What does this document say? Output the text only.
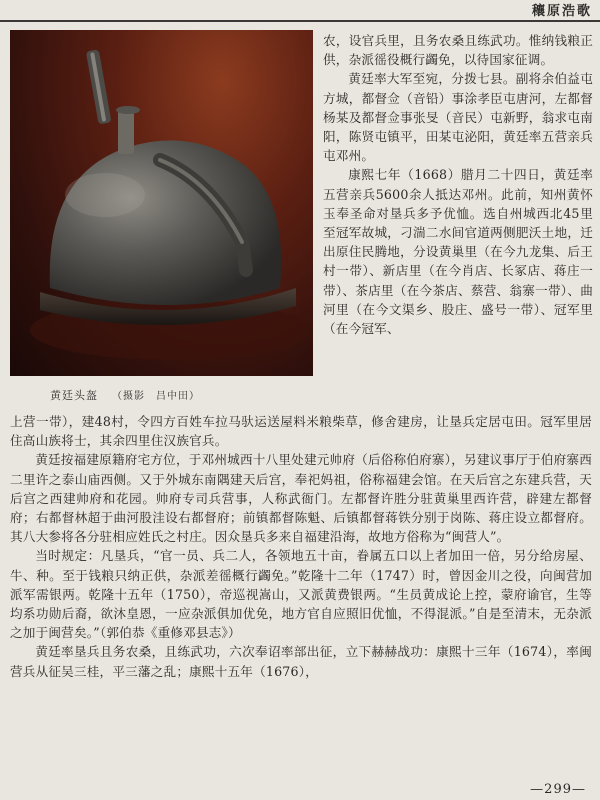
穰原浩歌
黄廷头盔 （摄影　吕中田）

农，设官兵里，且务农桑且练武功。惟纳钱粮正供，杂派徭役概行蠲免，以待国家征调。

黄廷率大军至宛，分拨七县。副将余伯益屯方城，都督佥（音铅）事涂孝臣屯唐河，左都督杨某及都督佥事张旻（音民）屯新野，翁求屯南阳，陈贤屯镇平，田某屯泌阳，黄廷率五营亲兵屯邓州。

康熙七年（1668）腊月二十四日，黄廷率五营亲兵5600余人抵达邓州。此前，知州黄怀玉奉圣命对垦兵多予优恤。选自州城西北45里至冠军故城，刁湍二水间官道两侧肥沃土地，迁出原住民腾地，分设黄巢里（在今九龙集、后王村一带）、新店里（在今肖店、长冢店、蒋庄一带）、茶店里（在今茶店、蔡营、翁寨一带）、曲河里（在今文渠乡、股庄、盛号一带）、冠军里（在今冠军、

上营一带），建48村，令四方百姓车拉马驮运送屋料米粮柴草，修舍建房，让垦兵定居屯田。冠军里居住高山族将士，其余四里住汉族官兵。

黄廷按福建原籍府宅方位，于邓州城西十八里处建元帅府（后俗称伯府寨），另建议事厅于伯府寨西二里许之泰山庙西侧。又于外城东南隅建天后宫，奉祀妈祖，俗称福建会馆。在天后宫之东建兵营，天后宫之西建帅府和花园。帅府专司兵营事，人称武衙门。左都督许胜分驻黄巢里西许营，辟建左都督府；右都督林超于曲河股洼设右都督府；前镇都督陈魁、后镇都督蒋铁分别于岗陈、蒋庄设立都督府。其八大参将各分驻相应姓氏之村庄。因众垦兵多来自福建沿海，故地方俗称为“闽营人”。

当时规定：凡垦兵，“官一员、兵二人，各领地五十亩，眷属五口以上者加田一倍，另分给房屋、牛、种。至于钱粮只纳正供，杂派差徭概行蠲免。”乾隆十二年（1747）时，曾因金川之役，向闽营加派军需银两。乾隆十五年（1750），帝巡视嵩山，又派黄费银两。“生员黄成论上控，蒙府谕官，生等均系功勋后裔，欲沐皇恩，一应杂派俱加优免，地方官自应照旧优恤，不得混派。”自是至清末，无杂派之加于闽营矣。”（郭伯恭《重修邓县志》）

黄廷率垦兵且务农桑，且练武功，六次奉诏率部出征，立下赫赫战功：康熙十三年（1674），率闽营兵从征吴三桂，平三藩之乱；康熙十五年（1676），

—299—
